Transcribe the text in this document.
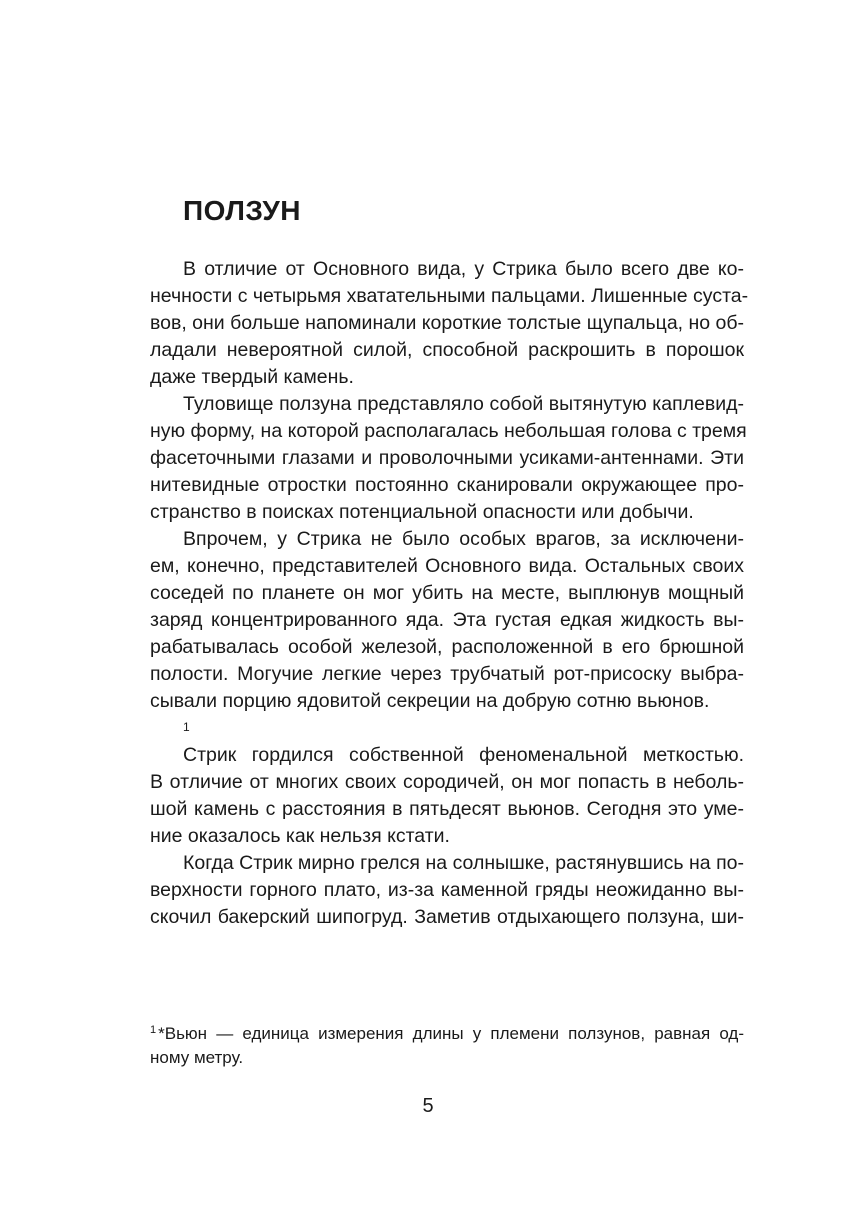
ПОЛЗУН
В отличие от Основного вида, у Стрика было всего две ко-
нечности с четырьмя хватательными пальцами. Лишенные суста-
вов, они больше напоминали короткие толстые щупальца, но об-
ладали невероятной силой, способной раскрошить в порошок
даже твердый камень.
Туловище ползуна представляло собой вытянутую каплевид-
ную форму, на которой располагалась небольшая голова с тремя
фасеточными глазами и проволочными усиками-антеннами. Эти
нитевидные отростки постоянно сканировали окружающее про-
странство в поисках потенциальной опасности или добычи.
Впрочем, у Стрика не было особых врагов, за исключени-
ем, конечно, представителей Основного вида. Остальных своих
соседей по планете он мог убить на месте, выплюнув мощный
заряд концентрированного яда. Эта густая едкая жидкость вы-
рабатывалась особой железой, расположенной в его брюшной
полости. Могучие легкие через трубчатый рот-присоску выбра-
сывали порцию ядовитой секреции на добрую сотню вьюнов.
1
Стрик гордился собственной феноменальной меткостью.
В отличие от многих своих сородичей, он мог попасть в неболь-
шой камень с расстояния в пятьдесят вьюнов. Сегодня это уме-
ние оказалось как нельзя кстати.
Когда Стрик мирно грелся на солнышке, растянувшись на по-
верхности горного плато, из-за каменной гряды неожиданно вы-
скочил бакерский шипогруд. Заметив отдыхающего ползуна, ши-
$^1$ *Вьюн — единица измерения длины у племени ползунов, равная од-
ному метру.
5
